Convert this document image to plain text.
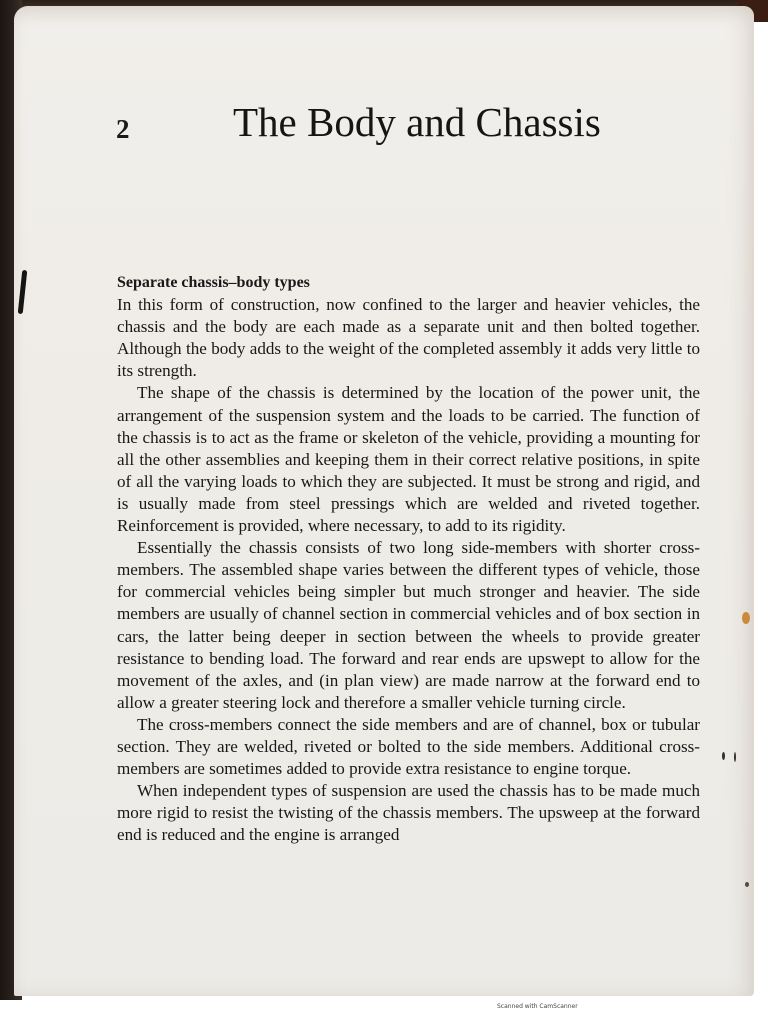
2	The Body and Chassis

Separate chassis–body types

In this form of construction, now confined to the larger and heavier vehicles, the chassis and the body are each made as a separate unit and then bolted together. Although the body adds to the weight of the completed assembly it adds very little to its strength.

The shape of the chassis is determined by the location of the power unit, the arrangement of the suspension system and the loads to be carried. The function of the chassis is to act as the frame or skeleton of the vehicle, providing a mounting for all the other assemblies and keeping them in their correct relative positions, in spite of all the varying loads to which they are subjected. It must be strong and rigid, and is usually made from steel pressings which are welded and riveted together. Reinforcement is provided, where necessary, to add to its rigidity.

Essentially the chassis consists of two long side-members with shorter cross-members. The assembled shape varies between the different types of vehicle, those for commercial vehicles being simpler but much stronger and heavier. The side members are usually of channel section in commercial vehicles and of box section in cars, the latter being deeper in section between the wheels to provide greater resistance to bending load. The forward and rear ends are upswept to allow for the movement of the axles, and (in plan view) are made narrow at the forward end to allow a greater steering lock and therefore a smaller vehicle turning circle.

The cross-members connect the side members and are of channel, box or tubular section. They are welded, riveted or bolted to the side members. Additional cross-members are sometimes added to provide extra resistance to engine torque.

When independent types of suspension are used the chassis has to be made much more rigid to resist the twisting of the chassis members. The upsweep at the forward end is reduced and the engine is arranged

Scanned with CamScanner
